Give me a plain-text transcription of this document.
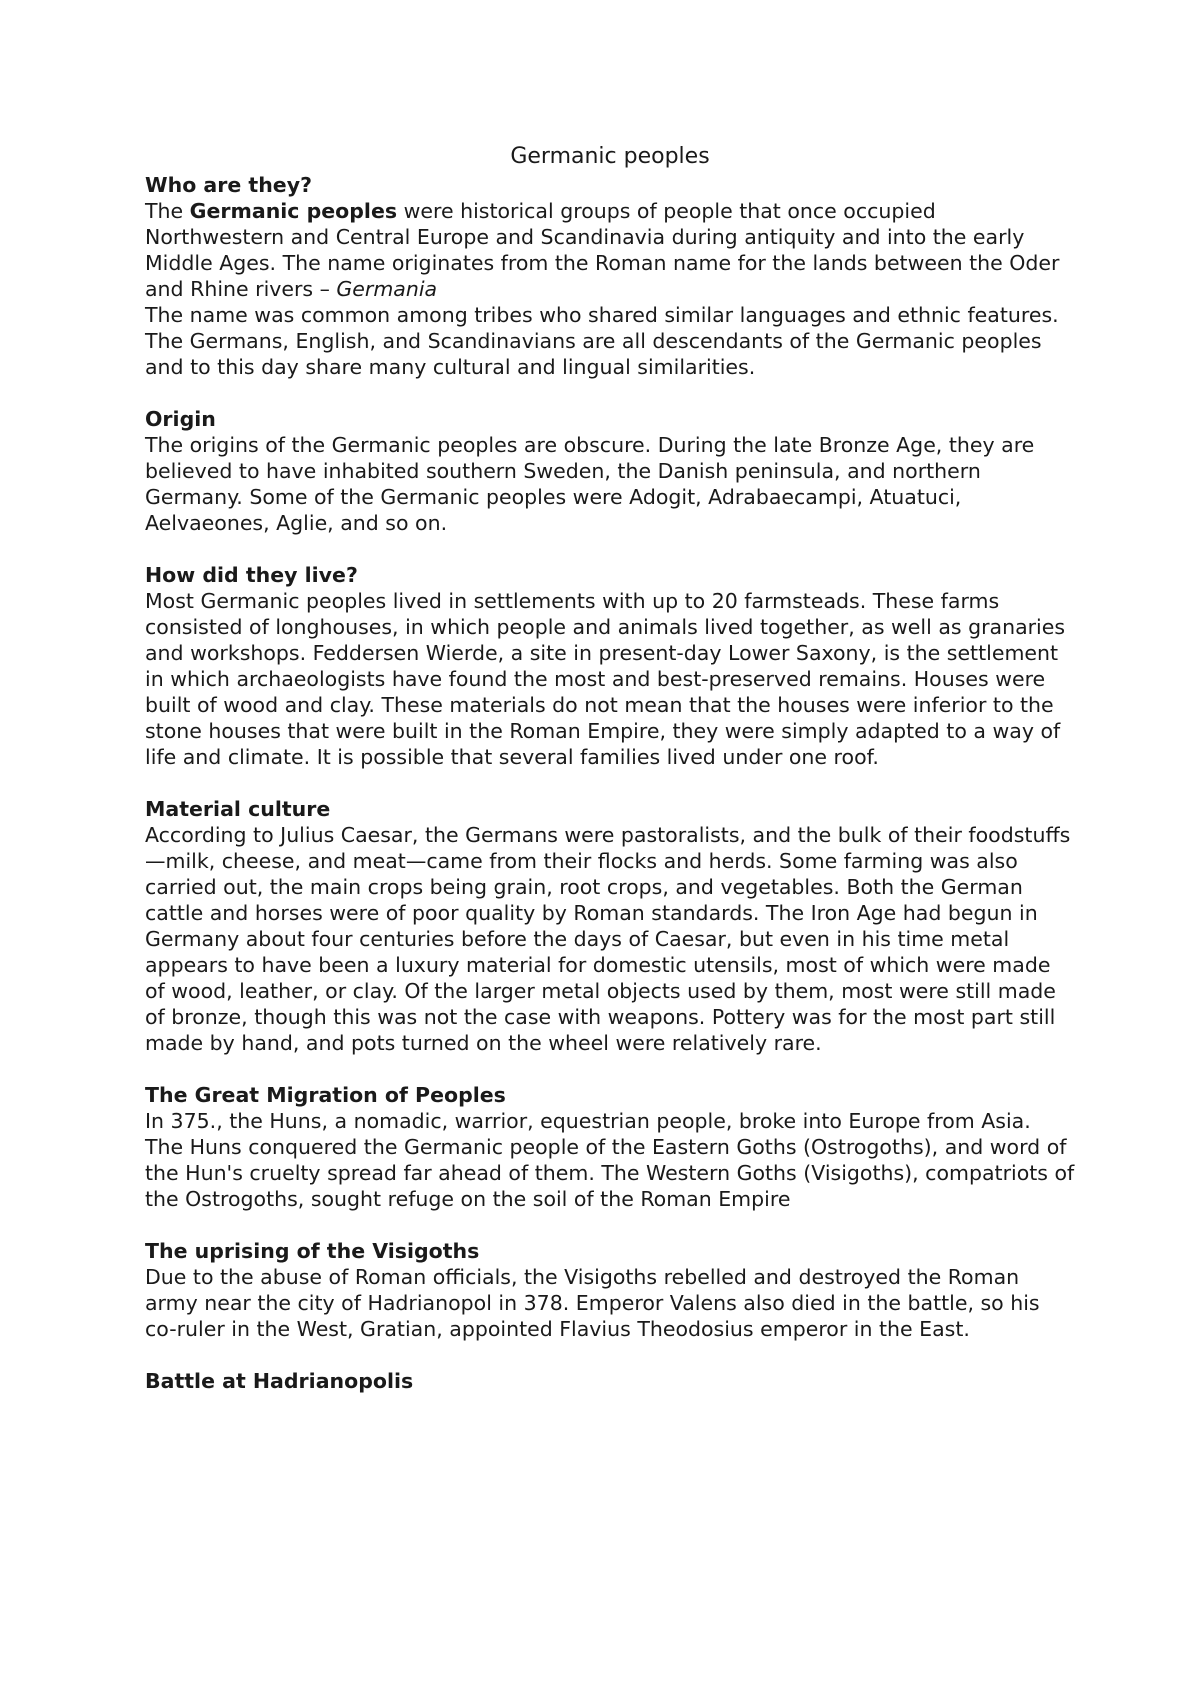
Germanic peoples
Who are they?

The Germanic peoples were historical groups of people that once occupied Northwestern and Central Europe and Scandinavia during antiquity and into the early Middle Ages. The name originates from the Roman name for the lands between the Oder and Rhine rivers – Germania

The name was common among tribes who shared similar languages and ethnic features.

The Germans, English, and Scandinavians are all descendants of the Germanic peoples and to this day share many cultural and lingual similarities.

Origin

The origins of the Germanic peoples are obscure. During the late Bronze Age, they are believed to have inhabited southern Sweden, the Danish peninsula, and northern Germany. Some of the Germanic peoples were Adogit, Adrabaecampi, Atuatuci, Aelvaeones, Aglie, and so on.

How did they live?

Most Germanic peoples lived in settlements with up to 20 farmsteads. These farms consisted of longhouses, in which people and animals lived together, as well as granaries and workshops. Feddersen Wierde, a site in present-day Lower Saxony, is the settlement in which archaeologists have found the most and best-preserved remains. Houses were built of wood and clay. These materials do not mean that the houses were inferior to the stone houses that were built in the Roman Empire, they were simply adapted to a way of life and climate. It is possible that several families lived under one roof.

Material culture

According to Julius Caesar, the Germans were pastoralists, and the bulk of their foodstuffs—milk, cheese, and meat—came from their flocks and herds. Some farming was also carried out, the main crops being grain, root crops, and vegetables. Both the German cattle and horses were of poor quality by Roman standards. The Iron Age had begun in Germany about four centuries before the days of Caesar, but even in his time metal appears to have been a luxury material for domestic utensils, most of which were made of wood, leather, or clay. Of the larger metal objects used by them, most were still made of bronze, though this was not the case with weapons. Pottery was for the most part still made by hand, and pots turned on the wheel were relatively rare.

The Great Migration of Peoples

In 375., the Huns, a nomadic, warrior, equestrian people, broke into Europe from Asia. The Huns conquered the Germanic people of the Eastern Goths (Ostrogoths), and word of the Hun's cruelty spread far ahead of them. The Western Goths (Visigoths), compatriots of the Ostrogoths, sought refuge on the soil of the Roman Empire

The uprising of the Visigoths

Due to the abuse of Roman officials, the Visigoths rebelled and destroyed the Roman army near the city of Hadrianopol in 378. Emperor Valens also died in the battle, so his co-ruler in the West, Gratian, appointed Flavius Theodosius emperor in the East.

Battle at Hadrianopolis
